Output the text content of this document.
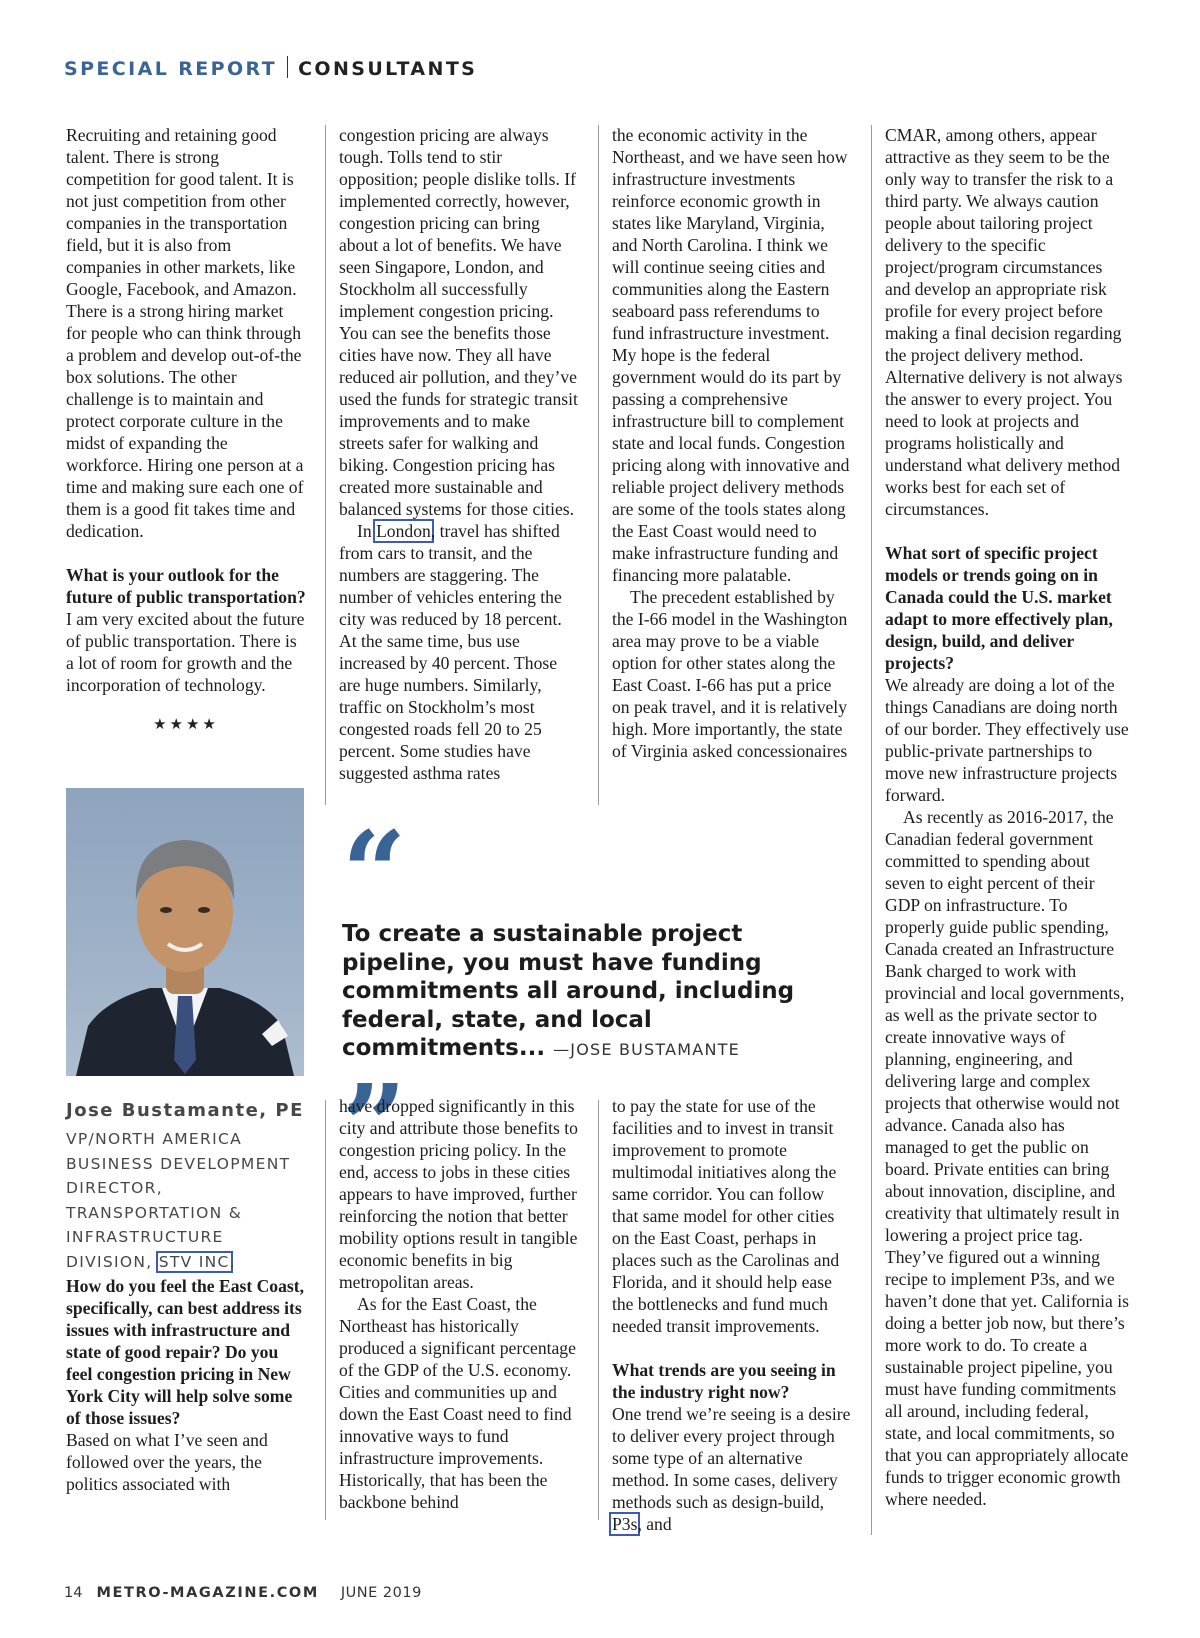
SPECIAL REPORT CONSULTANTS

Recruiting and retaining good talent. There is strong competition for good talent. It is not just competition from other companies in the transportation field, but it is also from companies in other markets, like Google, Facebook, and Amazon. There is a strong hiring market for people who can think through a problem and develop out-of-the box solutions. The other challenge is to maintain and protect corporate culture in the midst of expanding the workforce. Hiring one person at a time and making sure each one of them is a good fit takes time and dedication.

What is your outlook for the future of public transportation?

I am very excited about the future of public transportation. There is a lot of room for growth and the incorporation of technology.

★★★★
Jose Bustamante, PE
VP/NORTH AMERICA BUSINESS DEVELOPMENT DIRECTOR, TRANSPORTATION & INFRASTRUCTURE DIVISION, STV INC.

How do you feel the East Coast, specifically, can best address its issues with infrastructure and state of good repair? Do you feel congestion pricing in New York City will help solve some of those issues?

Based on what I’ve seen and followed over the years, the politics associated with

congestion pricing are always tough. Tolls tend to stir opposition; people dislike tolls. If implemented correctly, however, congestion pricing can bring about a lot of benefits. We have seen Singapore, London, and Stockholm all successfully implement congestion pricing. You can see the benefits those cities have now. They all have reduced air pollution, and they’ve used the funds for strategic transit improvements and to make streets safer for walking and biking. Congestion pricing has created more sustainable and balanced systems for those cities.

In London, travel has shifted from cars to transit, and the numbers are staggering. The number of vehicles entering the city was reduced by 18 percent. At the same time, bus use increased by 40 percent. Those are huge numbers. Similarly, traffic on Stockholm’s most congested roads fell 20 to 25 percent. Some studies have suggested asthma rates

“
To create a sustainable project pipeline, you must have funding commitments all around, including federal, state, and local commitments... —JOSE BUSTAMANTE
”

have dropped significantly in this city and attribute those benefits to congestion pricing policy. In the end, access to jobs in these cities appears to have improved, further reinforcing the notion that better mobility options result in tangible economic benefits in big metropolitan areas.

As for the East Coast, the Northeast has historically produced a significant percentage of the GDP of the U.S. economy. Cities and communities up and down the East Coast need to find innovative ways to fund infrastructure improvements. Historically, that has been the backbone behind

the economic activity in the Northeast, and we have seen how infrastructure investments reinforce economic growth in states like Maryland, Virginia, and North Carolina. I think we will continue seeing cities and communities along the Eastern seaboard pass referendums to fund infrastructure investment. My hope is the federal government would do its part by passing a comprehensive infrastructure bill to complement state and local funds. Congestion pricing along with innovative and reliable project delivery methods are some of the tools states along the East Coast would need to make infrastructure funding and financing more palatable.

The precedent established by the I-66 model in the Washington area may prove to be a viable option for other states along the East Coast. I-66 has put a price on peak travel, and it is relatively high. More importantly, the state of Virginia asked concessionaires

to pay the state for use of the facilities and to invest in transit improvement to promote multimodal initiatives along the same corridor. You can follow that same model for other cities on the East Coast, perhaps in places such as the Carolinas and Florida, and it should help ease the bottlenecks and fund much needed transit improvements.

What trends are you seeing in the industry right now?

One trend we’re seeing is a desire to deliver every project through some type of an alternative method. In some cases, delivery methods such as design-build, P3s, and

CMAR, among others, appear attractive as they seem to be the only way to transfer the risk to a third party. We always caution people about tailoring project delivery to the specific project/program circumstances and develop an appropriate risk profile for every project before making a final decision regarding the project delivery method. Alternative delivery is not always the answer to every project. You need to look at projects and programs holistically and understand what delivery method works best for each set of circumstances.

What sort of specific project models or trends going on in Canada could the U.S. market adapt to more effectively plan, design, build, and deliver projects?

We already are doing a lot of the things Canadians are doing north of our border. They effectively use public-private partnerships to move new infrastructure projects forward.

As recently as 2016-2017, the Canadian federal government committed to spending about seven to eight percent of their GDP on infrastructure. To properly guide public spending, Canada created an Infrastructure Bank charged to work with provincial and local governments, as well as the private sector to create innovative ways of planning, engineering, and delivering large and complex projects that otherwise would not advance. Canada also has managed to get the public on board. Private entities can bring about innovation, discipline, and creativity that ultimately result in lowering a project price tag. They’ve figured out a winning recipe to implement P3s, and we haven’t done that yet. California is doing a better job now, but there’s more work to do. To create a sustainable project pipeline, you must have funding commitments all around, including federal, state, and local commitments, so that you can appropriately allocate funds to trigger economic growth where needed.

14 METRO-MAGAZINE.COM JUNE 2019
